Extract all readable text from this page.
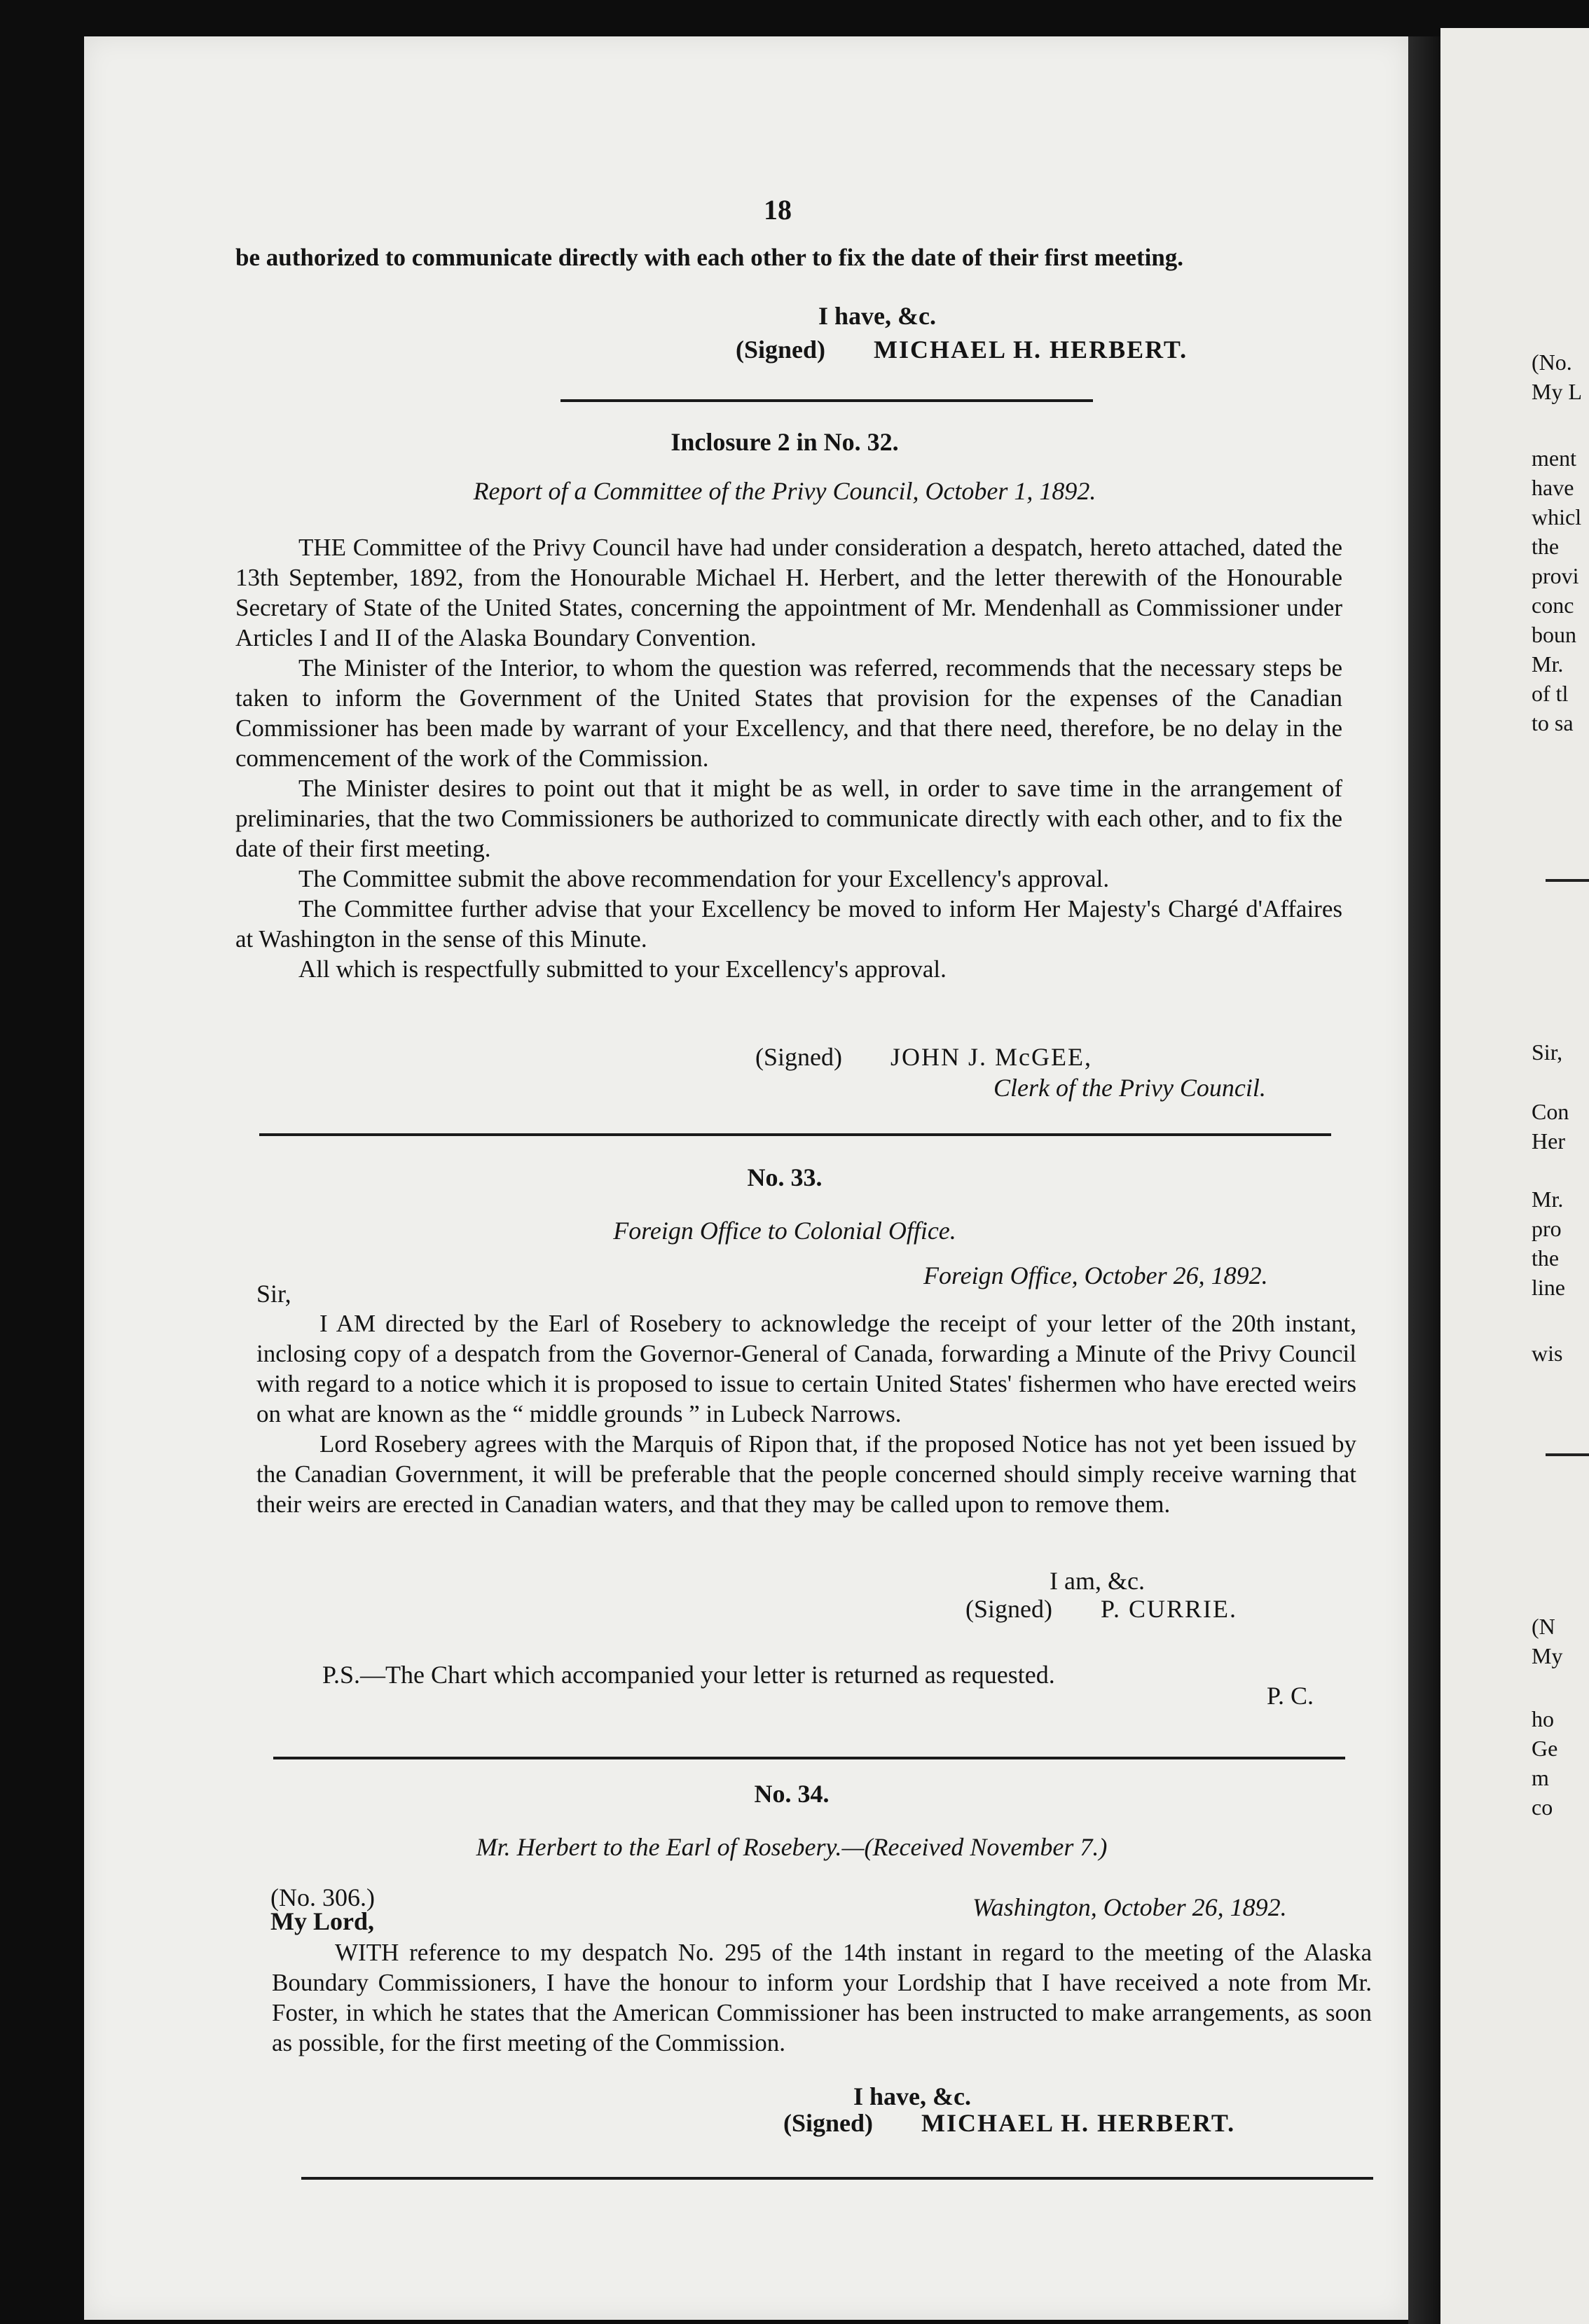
(No.
My L
ment
have
whicl
the
provi
conc
boun
Mr.
of tl
to sa
Sir,
Con
Her
Mr.
pro
the
line
wis
(N
My
ho
Ge
m
co
18

be authorized to communicate directly with each other to fix the date of their first meeting.

I have, &c.
(Signed) MICHAEL H. HERBERT.
Inclosure 2 in No. 32.
Report of a Committee of the Privy Council, October 1, 1892.

THE Committee of the Privy Council have had under consideration a despatch, hereto attached, dated the 13th September, 1892, from the Honourable Michael H. Herbert, and the letter therewith of the Honourable Secretary of State of the United States, concerning the appointment of Mr. Mendenhall as Commissioner under Articles I and II of the Alaska Boundary Convention.

The Minister of the Interior, to whom the question was referred, recommends that the necessary steps be taken to inform the Government of the United States that provision for the expenses of the Canadian Commissioner has been made by warrant of your Excellency, and that there need, therefore, be no delay in the commencement of the work of the Commission.

The Minister desires to point out that it might be as well, in order to save time in the arrangement of preliminaries, that the two Commissioners be authorized to communicate directly with each other, and to fix the date of their first meeting.

The Committee submit the above recommendation for your Excellency's approval.

The Committee further advise that your Excellency be moved to inform Her Majesty's Chargé d'Affaires at Washington in the sense of this Minute.

All which is respectfully submitted to your Excellency's approval.

(Signed) JOHN J. McGEE,
Clerk of the Privy Council.
No. 33.
Foreign Office to Colonial Office.
Foreign Office, October 26, 1892.
Sir,

I AM directed by the Earl of Rosebery to acknowledge the receipt of your letter of the 20th instant, inclosing copy of a despatch from the Governor-General of Canada, forwarding a Minute of the Privy Council with regard to a notice which it is proposed to issue to certain United States' fishermen who have erected weirs on what are known as the “ middle grounds ” in Lubeck Narrows.

Lord Rosebery agrees with the Marquis of Ripon that, if the proposed Notice has not yet been issued by the Canadian Government, it will be preferable that the people concerned should simply receive warning that their weirs are erected in Canadian waters, and that they may be called upon to remove them.

I am, &c.
(Signed) P. CURRIE.
P.S.—The Chart which accompanied your letter is returned as requested.
P. C.
No. 34.
Mr. Herbert to the Earl of Rosebery.—(Received November 7.)
(No. 306.)	Washington, October 26, 1892.
My Lord,

WITH reference to my despatch No. 295 of the 14th instant in regard to the meeting of the Alaska Boundary Commissioners, I have the honour to inform your Lordship that I have received a note from Mr. Foster, in which he states that the American Commissioner has been instructed to make arrangements, as soon as possible, for the first meeting of the Commission.

I have, &c.
(Signed) MICHAEL H. HERBERT.
